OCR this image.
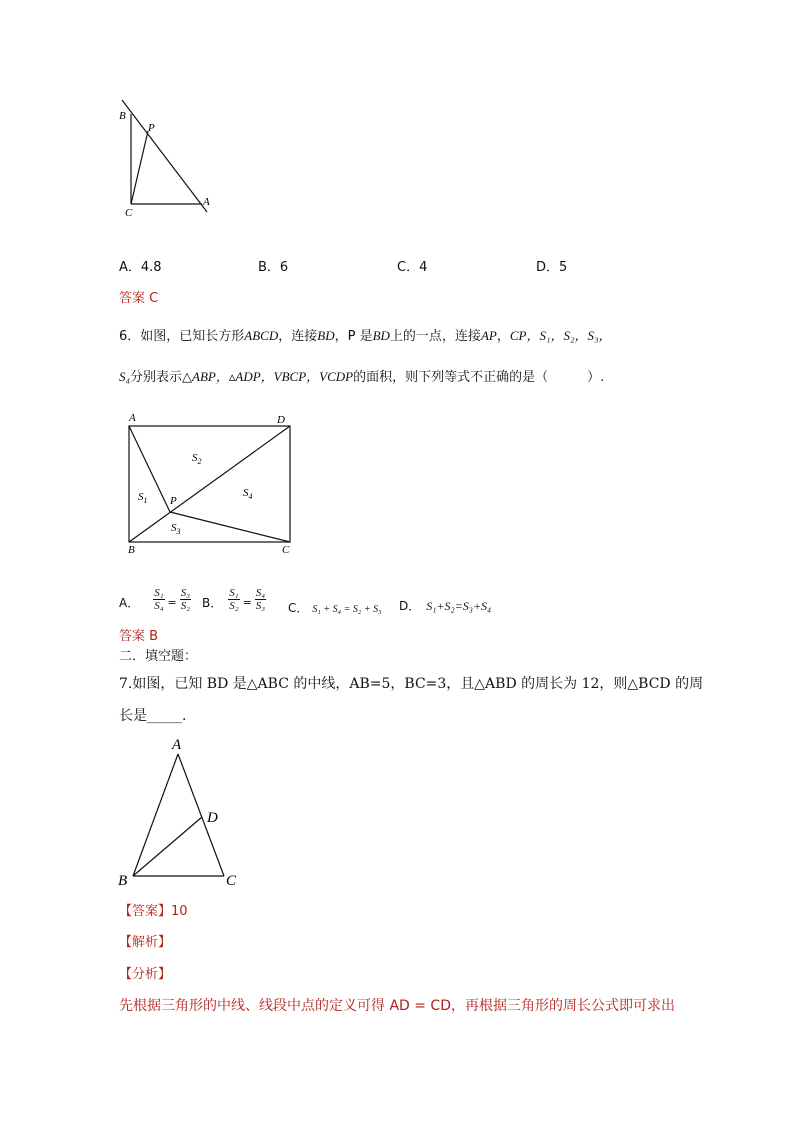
B
P
C
A
A．4.8	B．6	C．4	D．5
答案 C
6．如图，已知长方形ABCD，连接BD，P 是BD上的一点，连接AP，CP，S₁，S₂，S₃，
S₄分别表示△ABP，▵ADP，VBCP，VCDP的面积，则下列等式不正确的是（　　　）.
A	D
B	C
P
$S_1$
$S_2$
$S_3$
$S_4$
A． $\frac{\text{S₁}}{\text{S₄}} = \frac{\text{S₃}}{\text{S₂}}$ B． $\frac{\text{S₁}}{\text{S₂}} = \frac{\text{S₄}}{\text{S₃}}$ C． S₁ + S₄ = S₂ + S₃ D． S₁+S₂=S₃+S₄
答案 B
二．填空题：
7.如图，已知 BD 是△ABC 的中线，AB=5，BC=3，且△ABD 的周长为 12，则△BCD 的周
长是_____.
A
D
B	C
【答案】10
【解析】
【分析】
先根据三角形的中线、线段中点的定义可得 AD = CD，再根据三角形的周长公式即可求出
